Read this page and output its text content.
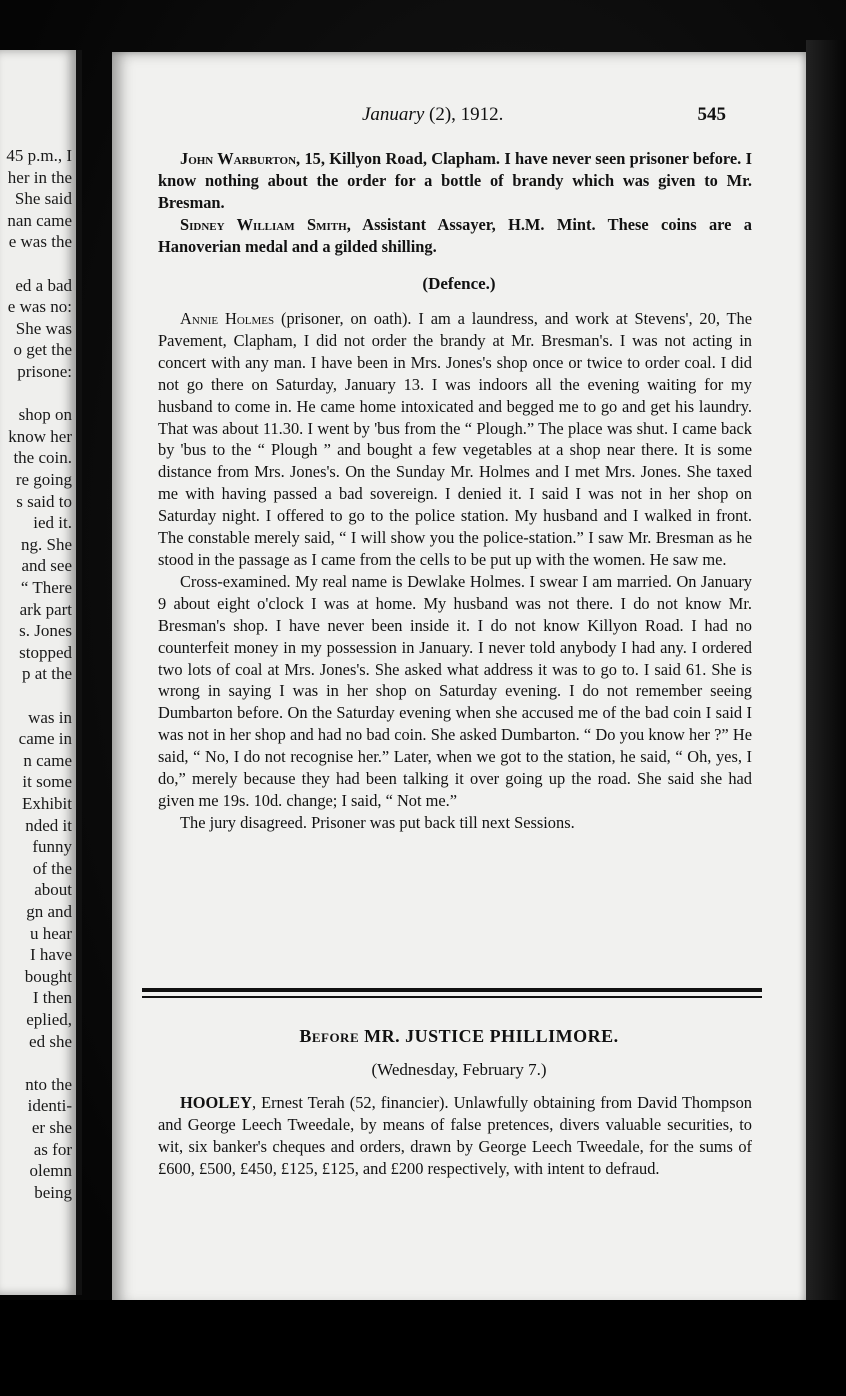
45 p.m., I
her in the
She said
nan came
e was the
ed a bad
e was no:
She was
o get the
prisone:
shop on
know her
the coin.
re going
s said to
ied it.
ng. She
and see
“ There
ark part
s. Jones
stopped
p at the
was in
came in
n came
it some
Exhibit
nded it
funny
of the
about
gn and
u hear
I have
bought
I then
eplied,
ed she
nto the
identi-
er she
as for
olemn
being
January (2), 1912.	545

John Warburton, 15, Killyon Road, Clapham. I have never seen prisoner before. I know nothing about the order for a bottle of brandy which was given to Mr. Bresman.

Sidney William Smith, Assistant Assayer, H.M. Mint. These coins are a Hanoverian medal and a gilded shilling.

(Defence.)

Annie Holmes (prisoner, on oath). I am a laundress, and work at Stevens', 20, The Pavement, Clapham, I did not order the brandy at Mr. Bresman's. I was not acting in concert with any man. I have been in Mrs. Jones's shop once or twice to order coal. I did not go there on Saturday, January 13. I was indoors all the evening waiting for my husband to come in. He came home intoxicated and begged me to go and get his laundry. That was about 11.30. I went by 'bus from the “ Plough.” The place was shut. I came back by 'bus to the “ Plough ” and bought a few vegetables at a shop near there. It is some distance from Mrs. Jones's. On the Sunday Mr. Holmes and I met Mrs. Jones. She taxed me with having passed a bad sovereign. I denied it. I said I was not in her shop on Saturday night. I offered to go to the police station. My husband and I walked in front. The constable merely said, “ I will show you the police-station.” I saw Mr. Bresman as he stood in the passage as I came from the cells to be put up with the women. He saw me.

Cross-examined. My real name is Dewlake Holmes. I swear I am married. On January 9 about eight o'clock I was at home. My husband was not there. I do not know Mr. Bresman's shop. I have never been inside it. I do not know Killyon Road. I had no counterfeit money in my possession in January. I never told anybody I had any. I ordered two lots of coal at Mrs. Jones's. She asked what address it was to go to. I said 61. She is wrong in saying I was in her shop on Saturday evening. I do not remember seeing Dumbarton before. On the Saturday evening when she accused me of the bad coin I said I was not in her shop and had no bad coin. She asked Dumbarton. “ Do you know her ?” He said, “ No, I do not recognise her.” Later, when we got to the station, he said, “ Oh, yes, I do,” merely because they had been talking it over going up the road. She said she had given me 19s. 10d. change; I said, “ Not me.”

The jury disagreed. Prisoner was put back till next Sessions.

Before MR. JUSTICE PHILLIMORE.
(Wednesday, February 7.)

HOOLEY, Ernest Terah (52, financier). Unlawfully obtaining from David Thompson and George Leech Tweedale, by means of false pretences, divers valuable securities, to wit, six banker's cheques and orders, drawn by George Leech Tweedale, for the sums of £600, £500, £450, £125, £125, and £200 respectively, with intent to defraud.
